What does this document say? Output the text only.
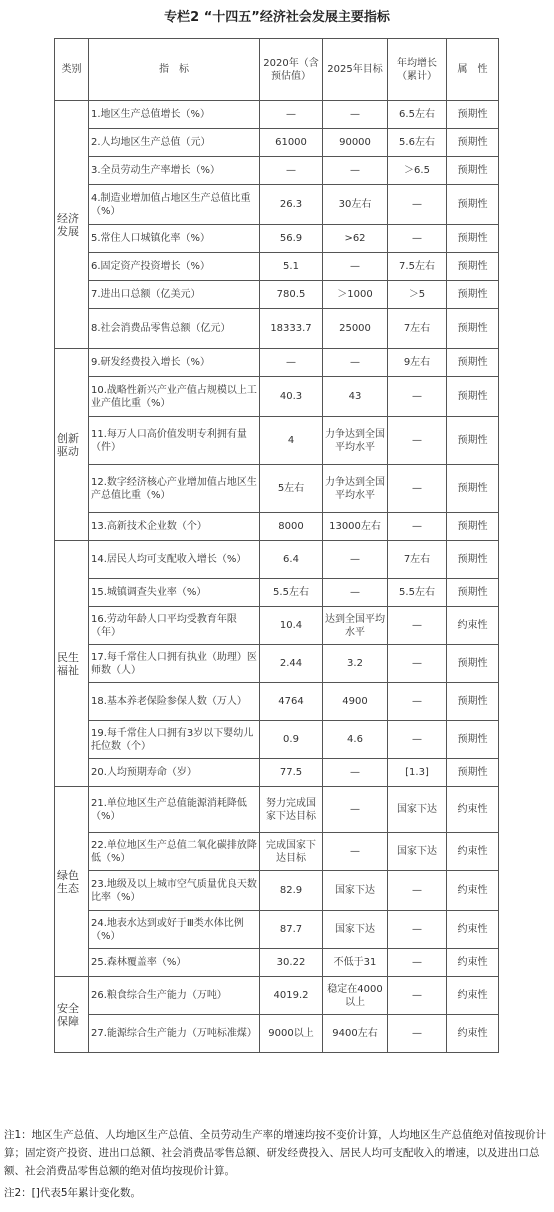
专栏2 “十四五”经济社会发展主要指标
类别	指　标	2020年（含预估值）	2025年目标	年均增长（累计）	属　性
经济发展	1.地区生产总值增长（%）	—	—	6.5左右	预期性
	2.人均地区生产总值（元）	61000	90000	5.6左右	预期性
	3.全员劳动生产率增长（%）	—	—	＞6.5	预期性
	4.制造业增加值占地区生产总值比重（%）	26.3	30左右	—	预期性
	5.常住人口城镇化率（%）	56.9	>62	—	预期性
	6.固定资产投资增长（%）	5.1	—	7.5左右	预期性
	7.进出口总额（亿美元）	780.5	＞1000	＞5	预期性
	8.社会消费品零售总额（亿元）	18333.7	25000	7左右	预期性
创新驱动	9.研发经费投入增长（%）	—	—	9左右	预期性
	10.战略性新兴产业产值占规模以上工业产值比重（%）	40.3	43	—	预期性
	11.每万人口高价值发明专利拥有量（件）	4	力争达到全国平均水平	—	预期性
	12.数字经济核心产业增加值占地区生产总值比重（%）	5左右	力争达到全国平均水平	—	预期性
	13.高新技术企业数（个）	8000	13000左右	—	预期性
民生福祉	14.居民人均可支配收入增长（%）	6.4	—	7左右	预期性
	15.城镇调查失业率（%）	5.5左右	—	5.5左右	预期性
	16.劳动年龄人口平均受教育年限（年）	10.4	达到全国平均水平	—	约束性
	17.每千常住人口拥有执业（助理）医师数（人）	2.44	3.2	—	预期性
	18.基本养老保险参保人数（万人）	4764	4900	—	预期性
	19.每千常住人口拥有3岁以下婴幼儿托位数（个）	0.9	4.6	—	预期性
	20.人均预期寿命（岁）	77.5	—	[1.3]	预期性
绿色生态	21.单位地区生产总值能源消耗降低（%）	努力完成国家下达目标	—	国家下达	约束性
	22.单位地区生产总值二氧化碳排放降低（%）	完成国家下达目标	—	国家下达	约束性
	23.地级及以上城市空气质量优良天数比率（%）	82.9	国家下达	—	约束性
	24.地表水达到或好于Ⅲ类水体比例（%）	87.7	国家下达	—	约束性
	25.森林覆盖率（%）	30.22	不低于31	—	约束性
安全保障	26.粮食综合生产能力（万吨）	4019.2	稳定在4000以上	—	约束性
	27.能源综合生产能力（万吨标准煤）	9000以上	9400左右	—	约束性

注1：地区生产总值、人均地区生产总值、全员劳动生产率的增速均按不变价计算，人均地区生产总值绝对值按现价计算；固定资产投资、进出口总额、社会消费品零售总额、研发经费投入、居民人均可支配收入的增速，以及进出口总额、社会消费品零售总额的绝对值均按现价计算。

注2：[]代表5年累计变化数。
